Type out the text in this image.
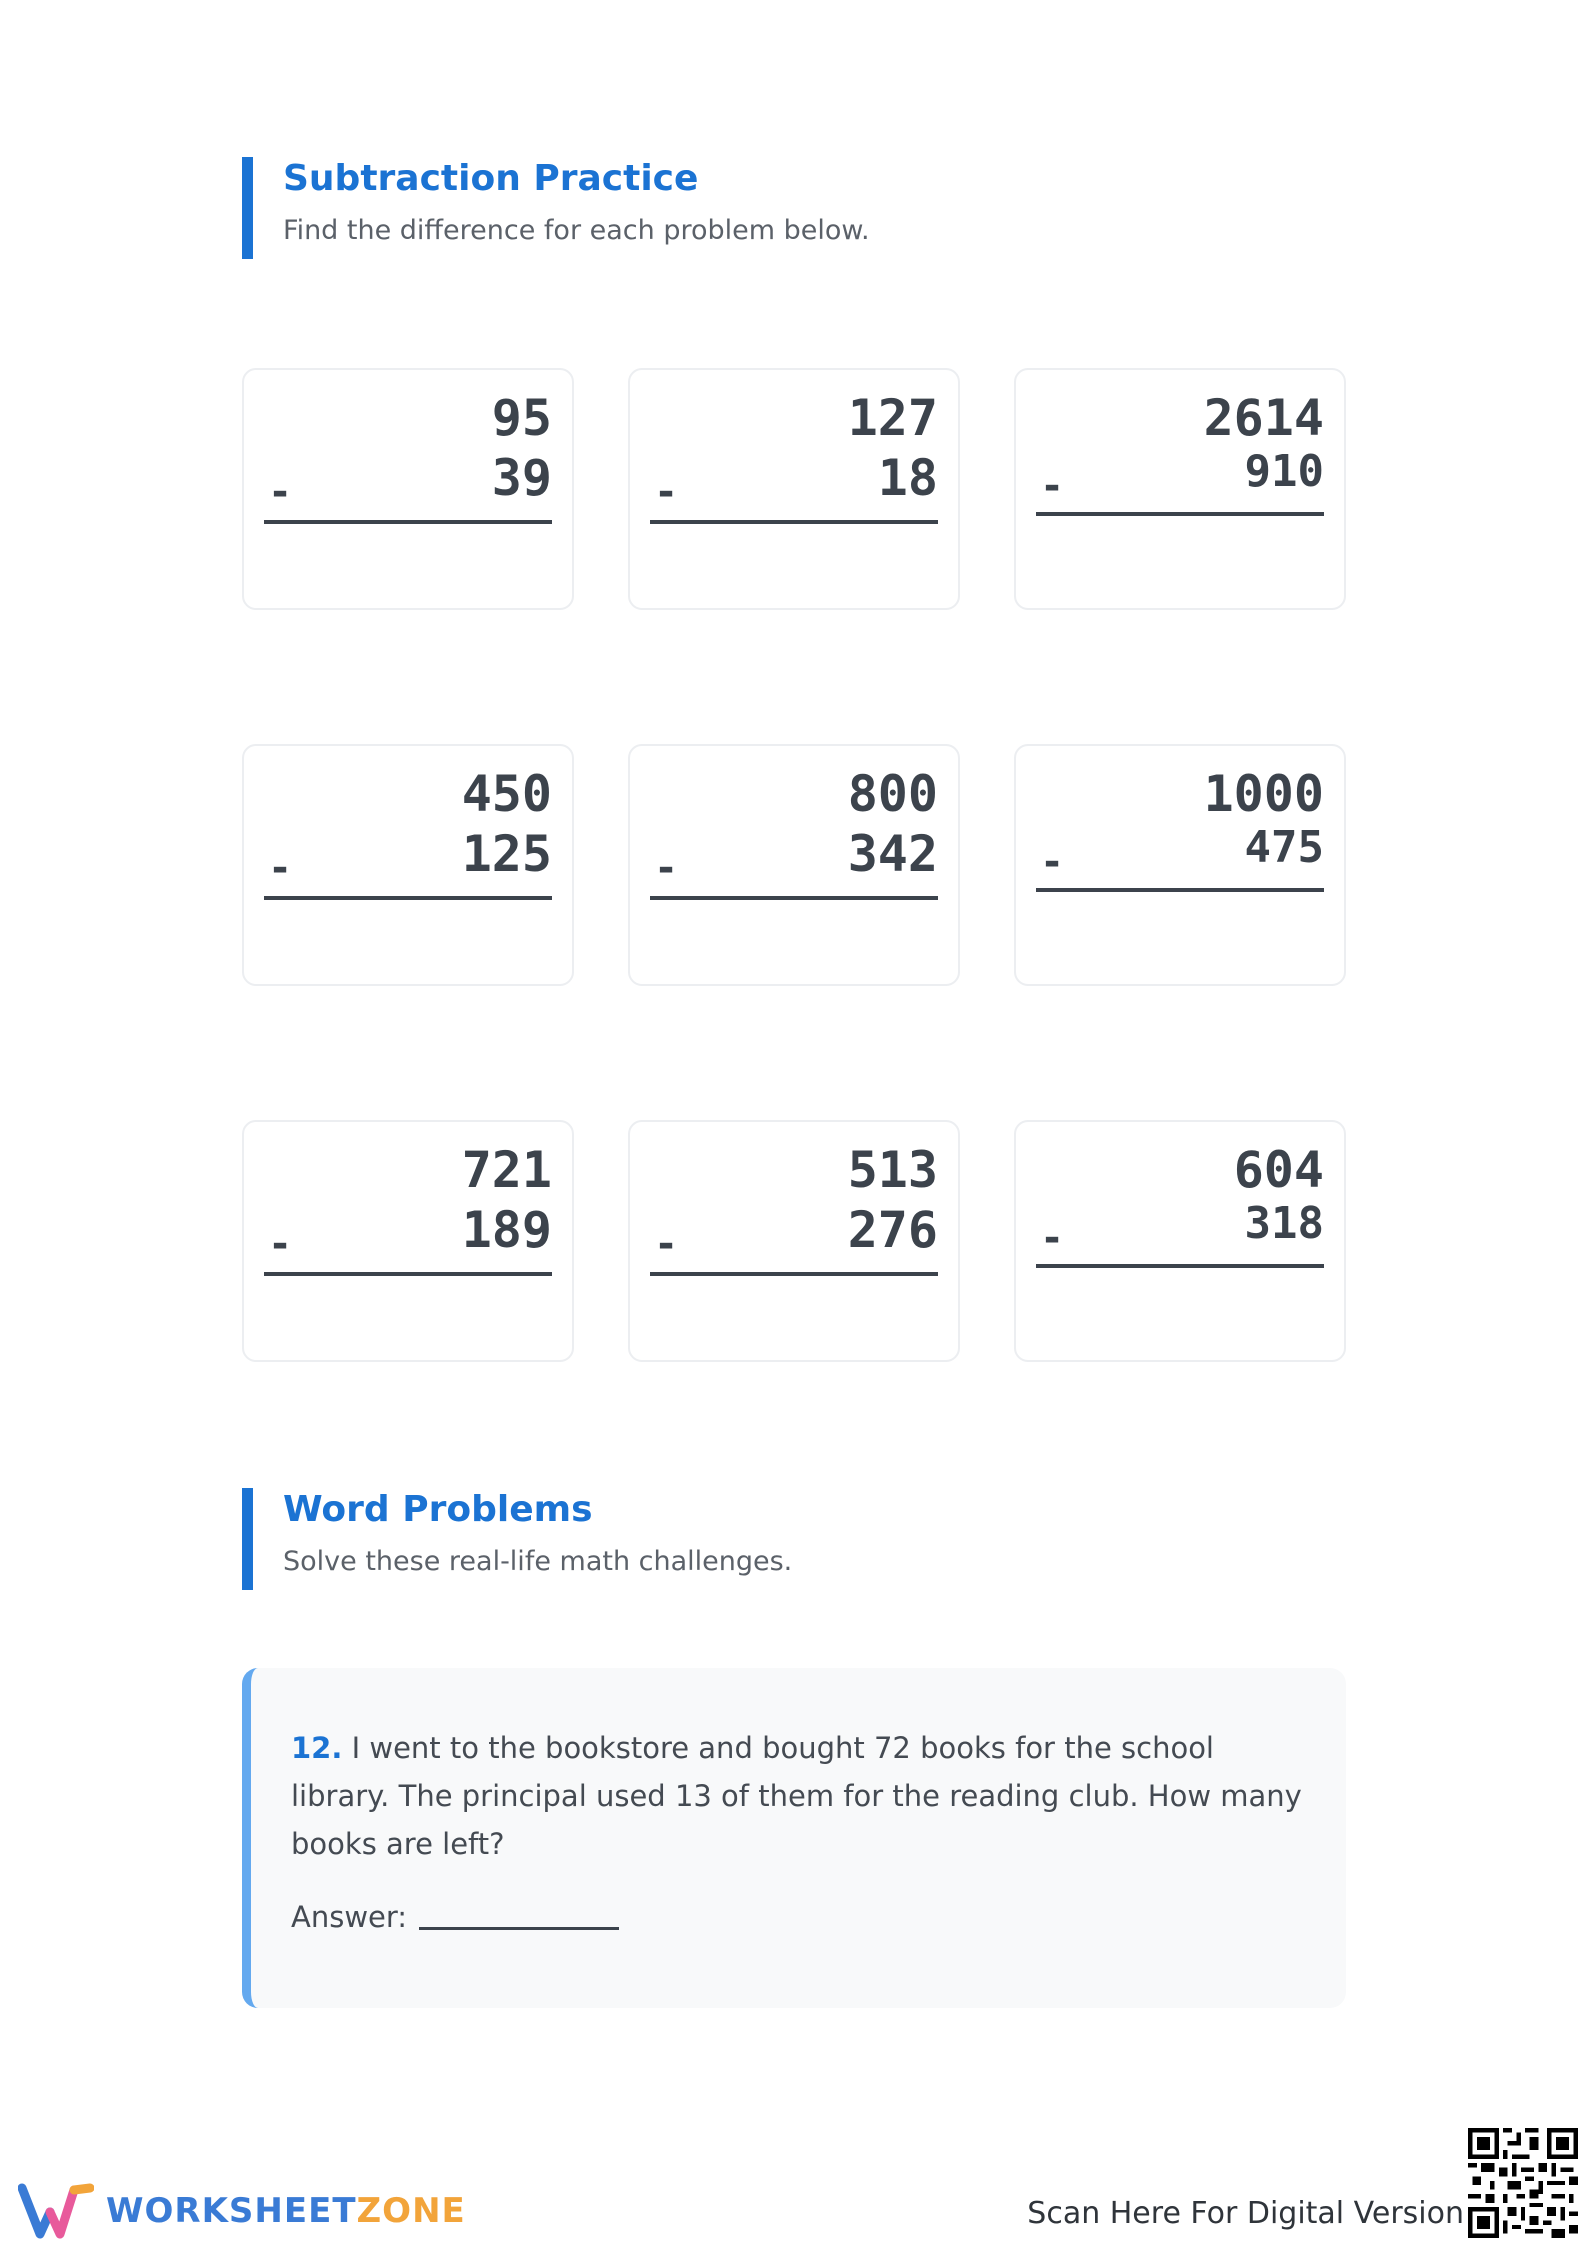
Subtraction Practice
Find the difference for each problem below.
95
-	39
127
-	18
2614
-	910
450
-	125
800
-	342
1000
-	475
721
-	189
513
-	276
604
-	318
Word Problems
Solve these real-life math challenges.
12. I went to the bookstore and bought 72 books for the school library. The principal used 13 of them for the reading club. How many books are left?
Answer:
WORKSHEETZONE	Scan Here For Digital Version
